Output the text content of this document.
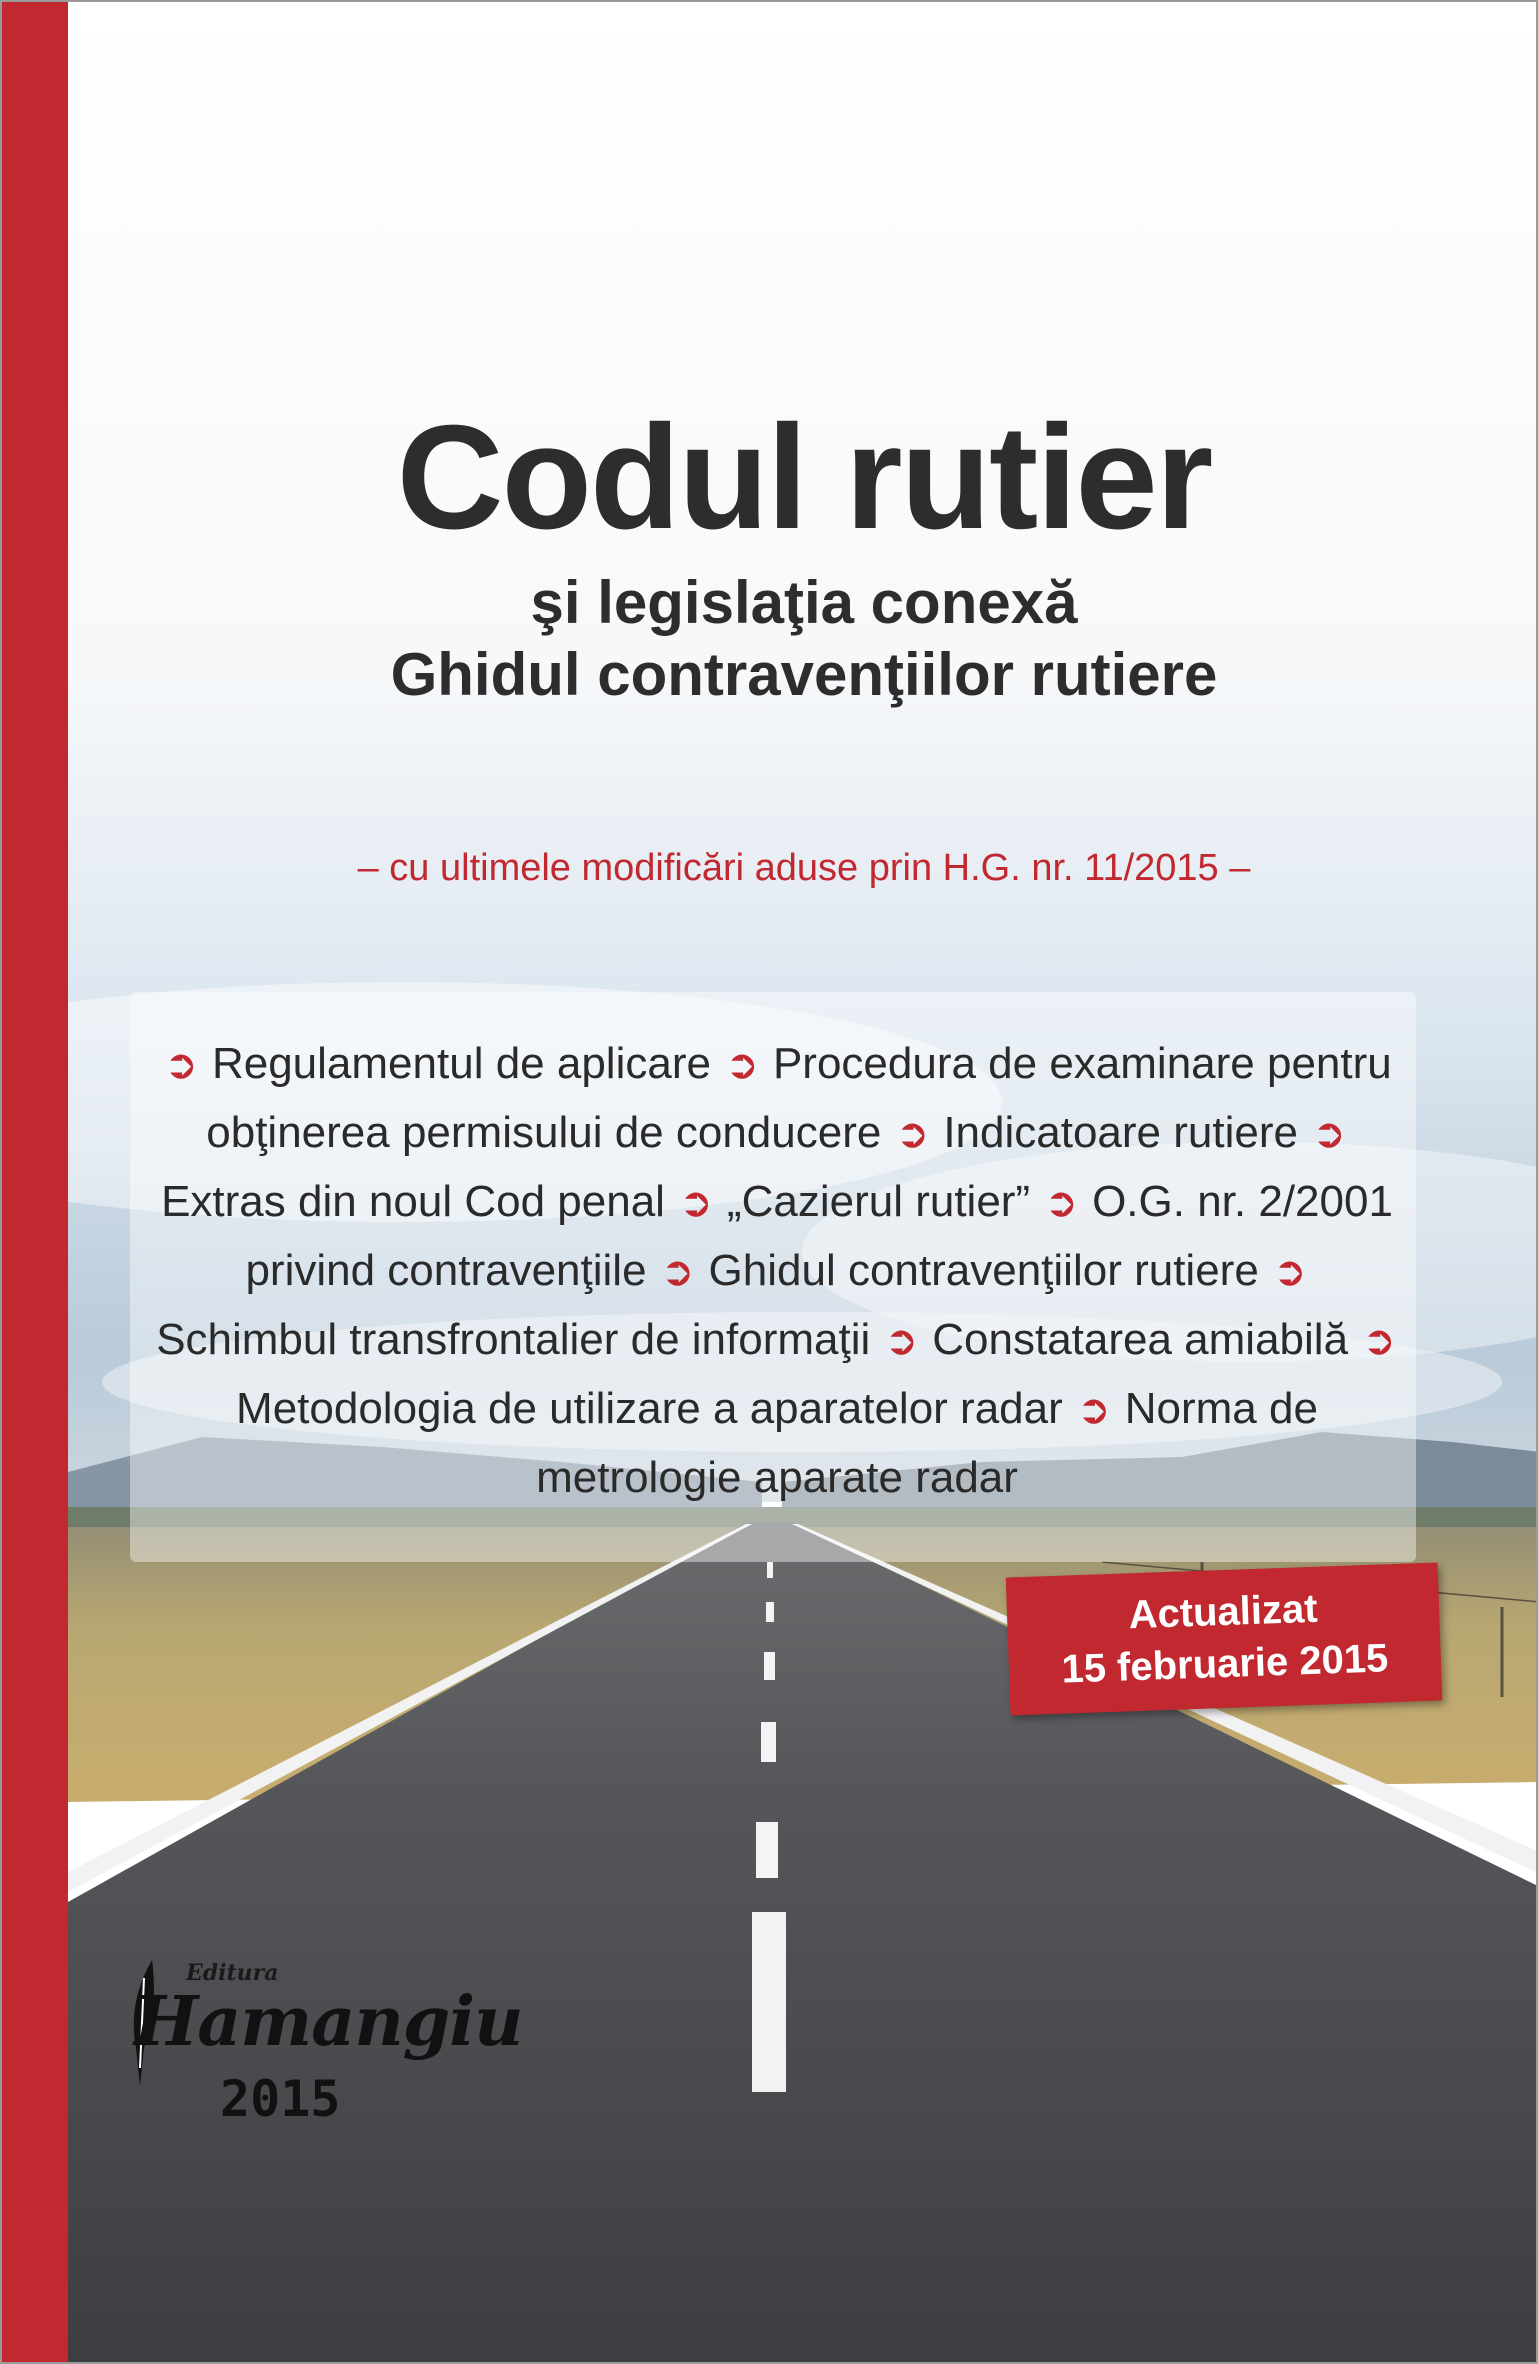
Codul rutier
şi legislaţia conexă
Ghidul contravenţiilor rutiere
– cu ultimele modificări aduse prin H.G. nr. 11/2015 –
➲ Regulamentul de aplicare ➲ Procedura de examinare pentru obţinerea permisului de conducere ➲ Indicatoare rutiere ➲ Extras din noul Cod penal ➲ „Cazierul rutier” ➲ O.G. nr. 2/2001 privind contravenţiile ➲ Ghidul contravenţiilor rutiere ➲ Schimbul transfrontalier de informaţii ➲ Constatarea amiabilă ➲ Metodologia de utilizare a aparatelor radar ➲ Norma de metrologie aparate radar
Actualizat
15 februarie 2015
Editura
Hamangiu
2015
